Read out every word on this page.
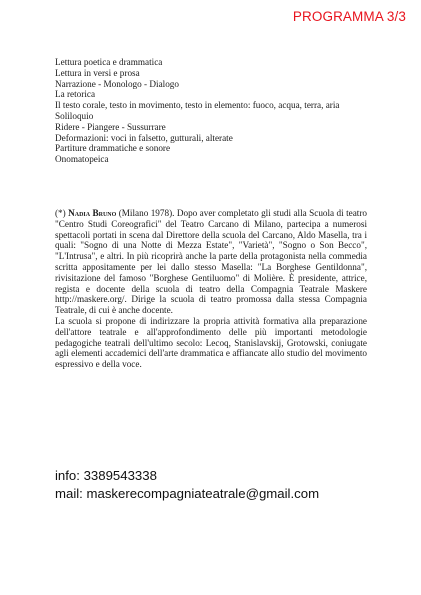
PROGRAMMA 3/3
Lettura poetica e drammatica
Lettura in versi e prosa
Narrazione - Monologo - Dialogo
La retorica
Il testo corale, testo in movimento, testo in elemento: fuoco, acqua, terra, aria
Soliloquio
Ridere - Piangere - Sussurrare
Deformazioni: voci in falsetto, gutturali, alterate
Partiture drammatiche e sonore
Onomatopeica

(*) Nadia Bruno (Milano 1978). Dopo aver completato gli studi alla Scuola di teatro "Centro Studi Coreografici" del Teatro Carcano di Milano, partecipa a numerosi spettacoli portati in scena dal Direttore della scuola del Carcano, Aldo Masella, tra i quali: "Sogno di una Notte di Mezza Estate", "Varietà", "Sogno o Son Becco", "L'Intrusa", e altri. In più ricoprirà anche la parte della protagonista nella commedia scritta appositamente per lei dallo stesso Masella: "La Borghese Gentildonna", rivisitazione del famoso "Borghese Gentiluomo" di Molière. È presidente, attrice, regista e docente della scuola di teatro della Compagnia Teatrale Maskere http://maskere.org/. Dirige la scuola di teatro promossa dalla stessa Compagnia Teatrale, di cui è anche docente.

La scuola si propone di indirizzare la propria attività formativa alla preparazione dell'attore teatrale e all'approfondimento delle più importanti metodologie pedagogiche teatrali dell'ultimo secolo: Lecoq, Stanislavskij, Grotowski, coniugate agli elementi accademici dell'arte drammatica e affiancate allo studio del movimento espressivo e della voce.

info: 3389543338
mail: maskerecompagniateatrale@gmail.com
